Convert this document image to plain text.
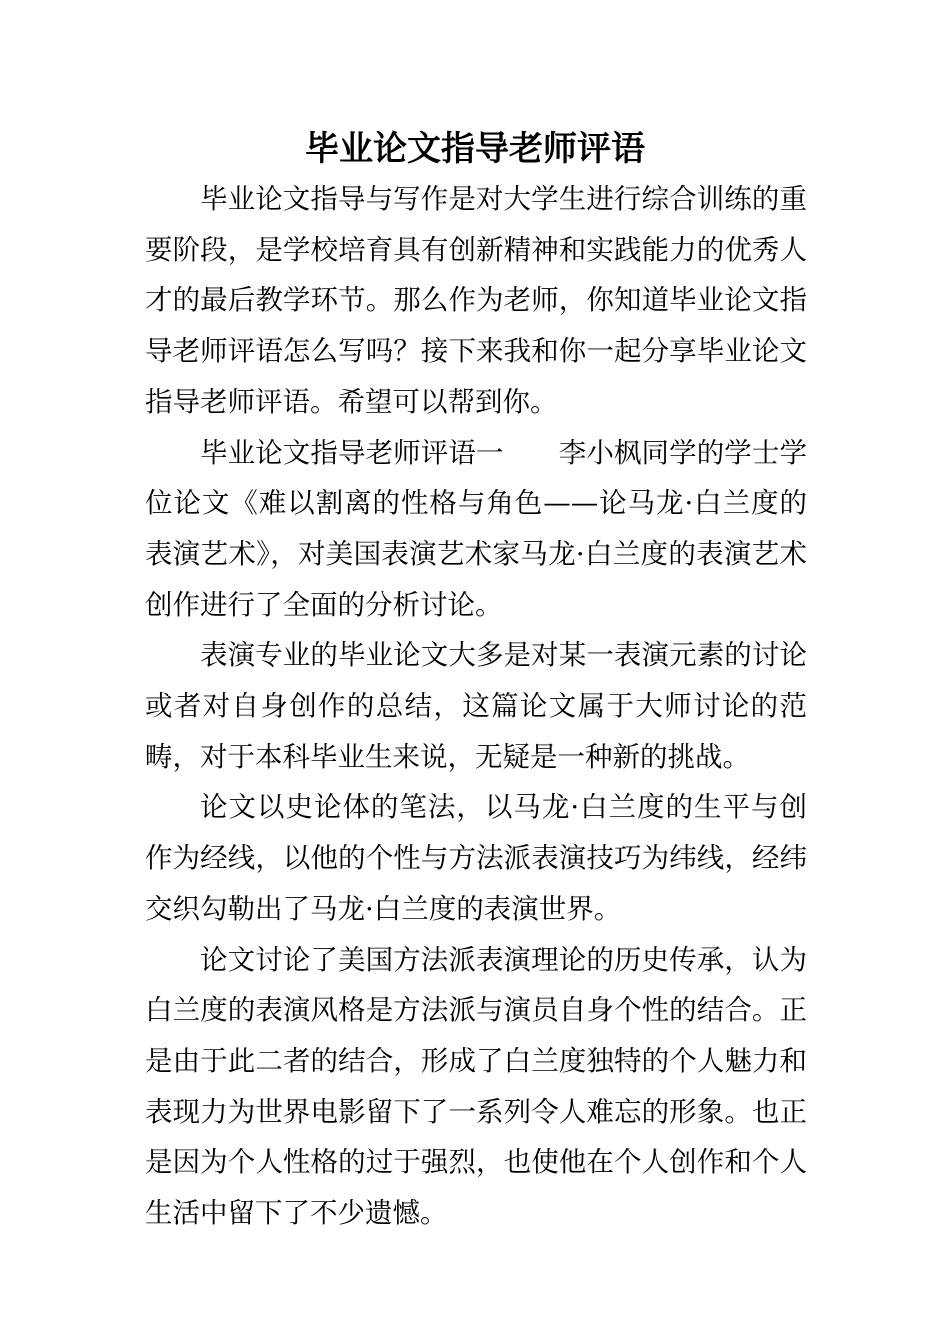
毕业论文指导老师评语

毕业论文指导与写作是对大学生进行综合训练的重要阶段，是学校培育具有创新精神和实践能力的优秀人才的最后教学环节。那么作为老师，你知道毕业论文指导老师评语怎么写吗？接下来我和你一起分享毕业论文指导老师评语。希望可以帮到你。

毕业论文指导老师评语一　　李小枫同学的学士学位论文《难以割离的性格与角色——论马龙·白兰度的表演艺术》，对美国表演艺术家马龙·白兰度的表演艺术创作进行了全面的分析讨论。

表演专业的毕业论文大多是对某一表演元素的讨论或者对自身创作的总结，这篇论文属于大师讨论的范畴，对于本科毕业生来说，无疑是一种新的挑战。

论文以史论体的笔法，以马龙·白兰度的生平与创作为经线，以他的个性与方法派表演技巧为纬线，经纬交织勾勒出了马龙·白兰度的表演世界。

论文讨论了美国方法派表演理论的历史传承，认为白兰度的表演风格是方法派与演员自身个性的结合。正是由于此二者的结合，形成了白兰度独特的个人魅力和表现力为世界电影留下了一系列令人难忘的形象。也正是因为个人性格的过于强烈，也使他在个人创作和个人生活中留下了不少遗憾。
